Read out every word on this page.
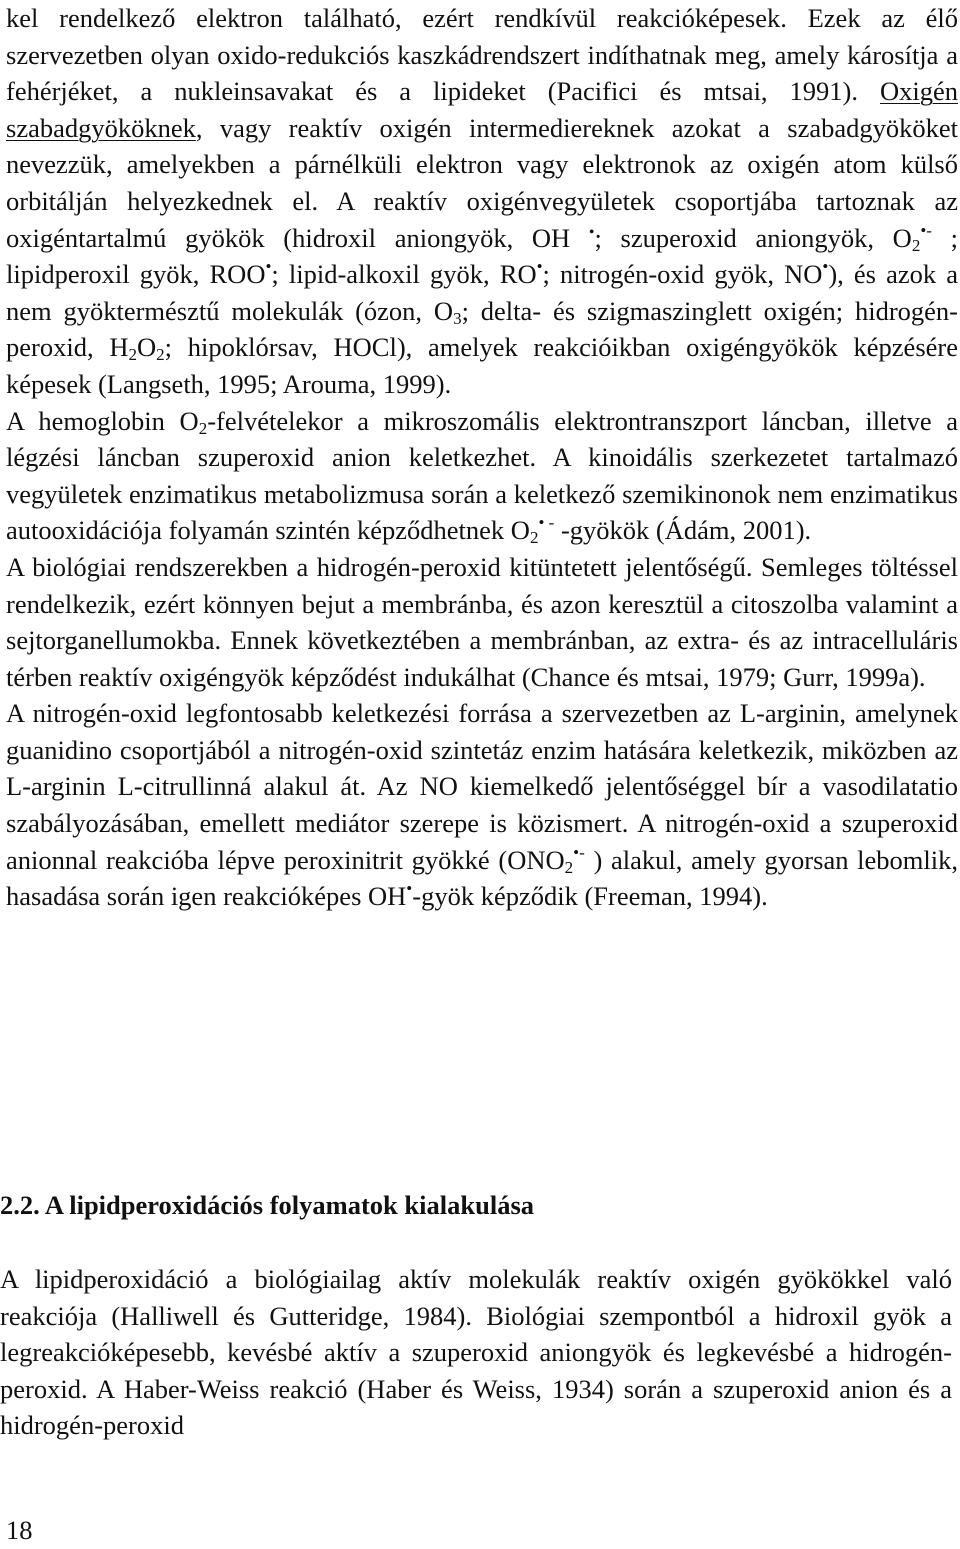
kel rendelkező elektron található, ezért rendkívül reakcióképesek. Ezek az élő szervezetben olyan oxido-redukciós kaszkádrendszert indíthatnak meg, amely károsítja a fehérjéket, a nukleinsavakat és a lipideket (Pacifici és mtsai, 1991). Oxigén szabadgyököknek, vagy reaktív oxigén intermediereknek azokat a szabadgyököket nevezzük, amelyekben a párnélküli elektron vagy elektronok az oxigén atom külső orbitálján helyezkednek el. A reaktív oxigénvegyületek csoportjába tartoznak az oxigéntartalmú gyökök (hidroxil aniongyök, OH •; szuperoxid aniongyök, $O_2^{•-}$ ; lipidperoxil gyök, ROO•; lipid-alkoxil gyök, RO•; nitrogén-oxid gyök, NO•), és azok a nem gyöktermésztű molekulák (ózon, $O_3$; delta- és szigmaszinglett oxigén; hidrogén-peroxid, $H_2O_2$; hipoklórsav, HOCl), amelyek reakcióikban oxigéngyökök képzésére képesek (Langseth, 1995; Arouma, 1999).

A hemoglobin $O_2$-felvételekor a mikroszomális elektrontranszport láncban, illetve a légzési láncban szuperoxid anion keletkezhet. A kinoidális szerkezetet tartalmazó vegyületek enzimatikus metabolizmusa során a keletkező szemikinonok nem enzimatikus autooxidációja folyamán szintén képződhetnek $O_2^{• -}$ -gyökök (Ádám, 2001).

A biológiai rendszerekben a hidrogén-peroxid kitüntetett jelentőségű. Semleges töltéssel rendelkezik, ezért könnyen bejut a membránba, és azon keresztül a citoszolba valamint a sejtorganellumokba. Ennek következtében a membránban, az extra- és az intracelluláris térben reaktív oxigéngyök képződést indukálhat (Chance és mtsai, 1979; Gurr, 1999a).

A nitrogén-oxid legfontosabb keletkezési forrása a szervezetben az L-arginin, amelynek guanidino csoportjából a nitrogén-oxid szintetáz enzim hatására keletkezik, miközben az L-arginin L-citrullinná alakul át. Az NO kiemelkedő jelentőséggel bír a vasodilatatio szabályozásában, emellett mediátor szerepe is közismert. A nitrogén-oxid a szuperoxid anionnal reakcióba lépve peroxinitrit gyökké ($ONO_2^{•-}$ ) alakul, amely gyorsan lebomlik, hasadása során igen reakcióképes OH•-gyök képződik (Freeman, 1994).

2.2. A lipidperoxidációs folyamatok kialakulása

A lipidperoxidáció a biológiailag aktív molekulák reaktív oxigén gyökökkel való reakciója (Halliwell és Gutteridge, 1984). Biológiai szempontból a hidroxil gyök a legreakcióképesebb, kevésbé aktív a szuperoxid aniongyök és legkevésbé a hidrogén-peroxid. A Haber-Weiss reakció (Haber és Weiss, 1934) során a szuperoxid anion és a hidrogén-peroxid

18
